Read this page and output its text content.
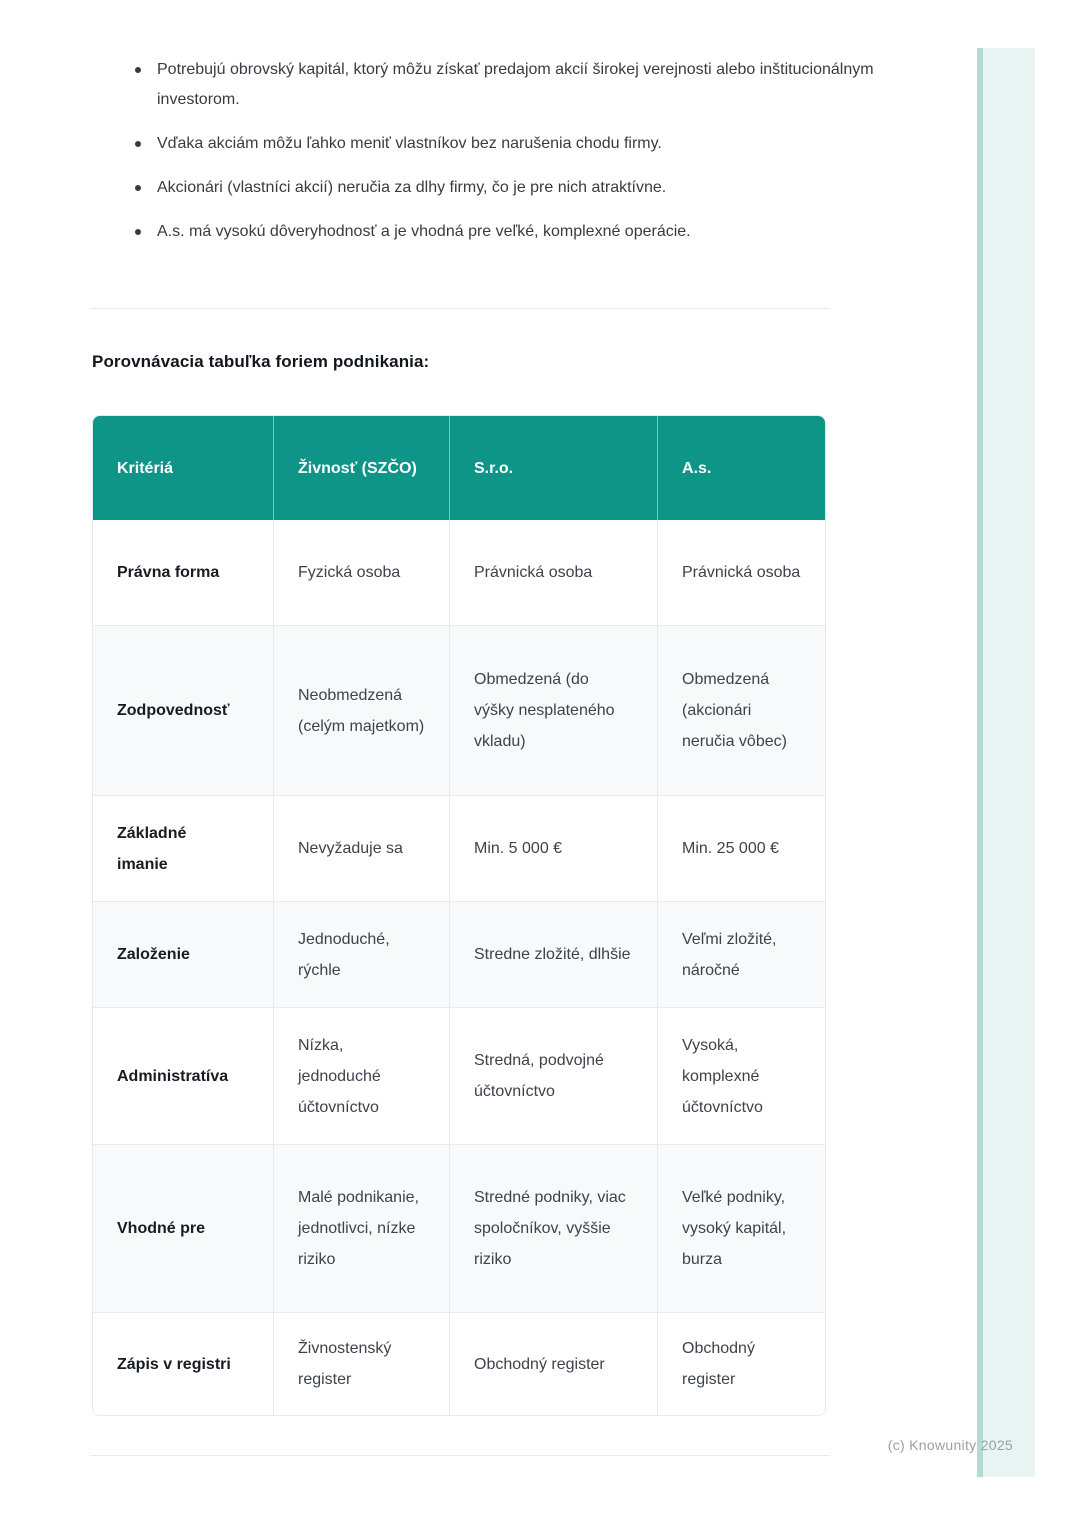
Potrebujú obrovský kapitál, ktorý môžu získať predajom akcií širokej verejnosti alebo inštitucionálnym investorom.
Vďaka akciám môžu ľahko meniť vlastníkov bez narušenia chodu firmy.
Akcionári (vlastníci akcií) neručia za dlhy firmy, čo je pre nich atraktívne.
A.s. má vysokú dôveryhodnosť a je vhodná pre veľké, komplexné operácie.
Porovnávacia tabuľka foriem podnikania:
Kritériá	Živnosť (SZČO)	S.r.o.	A.s.
Právna forma	Fyzická osoba	Právnická osoba	Právnická osoba
Zodpovednosť	Neobmedzená (celým majetkom)	Obmedzená (do výšky nesplateného vkladu)	Obmedzená (akcionári neručia vôbec)
Základné imanie	Nevyžaduje sa	Min. 5 000 €	Min. 25 000 €
Založenie	Jednoduché, rýchle	Stredne zložité, dlhšie	Veľmi zložité, náročné
Administratíva	Nízka, jednoduché účtovníctvo	Stredná, podvojné účtovníctvo	Vysoká, komplexné účtovníctvo
Vhodné pre	Malé podnikanie, jednotlivci, nízke riziko	Stredné podniky, viac spoločníkov, vyššie riziko	Veľké podniky, vysoký kapitál, burza
Zápis v registri	Živnostenský register	Obchodný register	Obchodný register
(c) Knowunity 2025
